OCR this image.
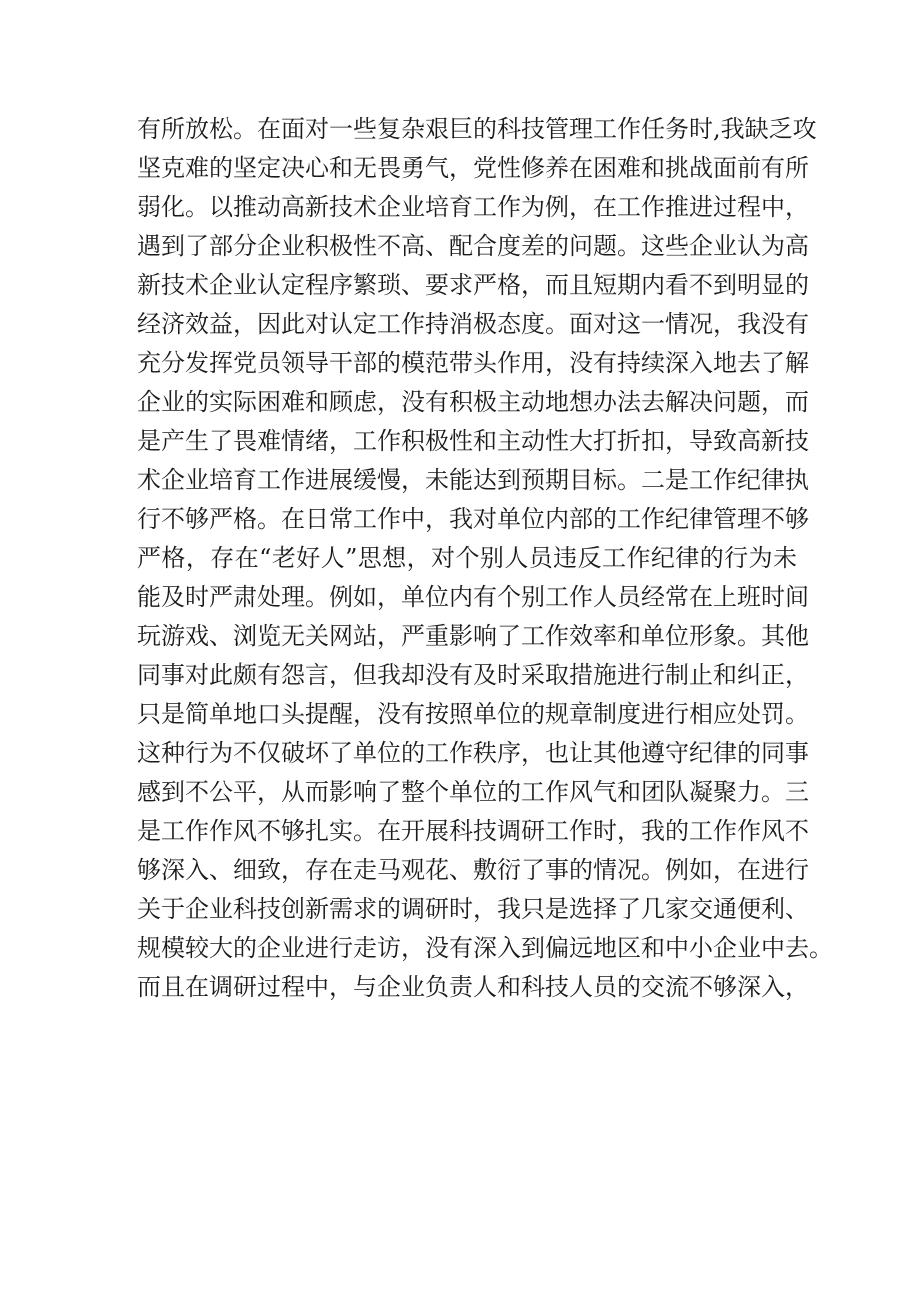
有所放松。在面对一些复杂艰巨的科技管理工作任务时,我缺乏攻
坚克难的坚定决心和无畏勇气，党性修养在困难和挑战面前有所
弱化。以推动高新技术企业培育工作为例，在工作推进过程中，
遇到了部分企业积极性不高、配合度差的问题。这些企业认为高
新技术企业认定程序繁琐、要求严格，而且短期内看不到明显的
经济效益，因此对认定工作持消极态度。面对这一情况，我没有
充分发挥党员领导干部的模范带头作用，没有持续深入地去了解
企业的实际困难和顾虑，没有积极主动地想办法去解决问题，而
是产生了畏难情绪，工作积极性和主动性大打折扣，导致高新技
术企业培育工作进展缓慢，未能达到预期目标。二是工作纪律执
行不够严格。在日常工作中，我对单位内部的工作纪律管理不够
严格，存在“老好人”思想，对个别人员违反工作纪律的行为未
能及时严肃处理。例如，单位内有个别工作人员经常在上班时间
玩游戏、浏览无关网站，严重影响了工作效率和单位形象。其他
同事对此颇有怨言，但我却没有及时采取措施进行制止和纠正，
只是简单地口头提醒，没有按照单位的规章制度进行相应处罚。
这种行为不仅破坏了单位的工作秩序，也让其他遵守纪律的同事
感到不公平，从而影响了整个单位的工作风气和团队凝聚力。三
是工作作风不够扎实。在开展科技调研工作时，我的工作作风不
够深入、细致，存在走马观花、敷衍了事的情况。例如，在进行
关于企业科技创新需求的调研时，我只是选择了几家交通便利、
规模较大的企业进行走访，没有深入到偏远地区和中小企业中去。
而且在调研过程中，与企业负责人和科技人员的交流不够深入，
